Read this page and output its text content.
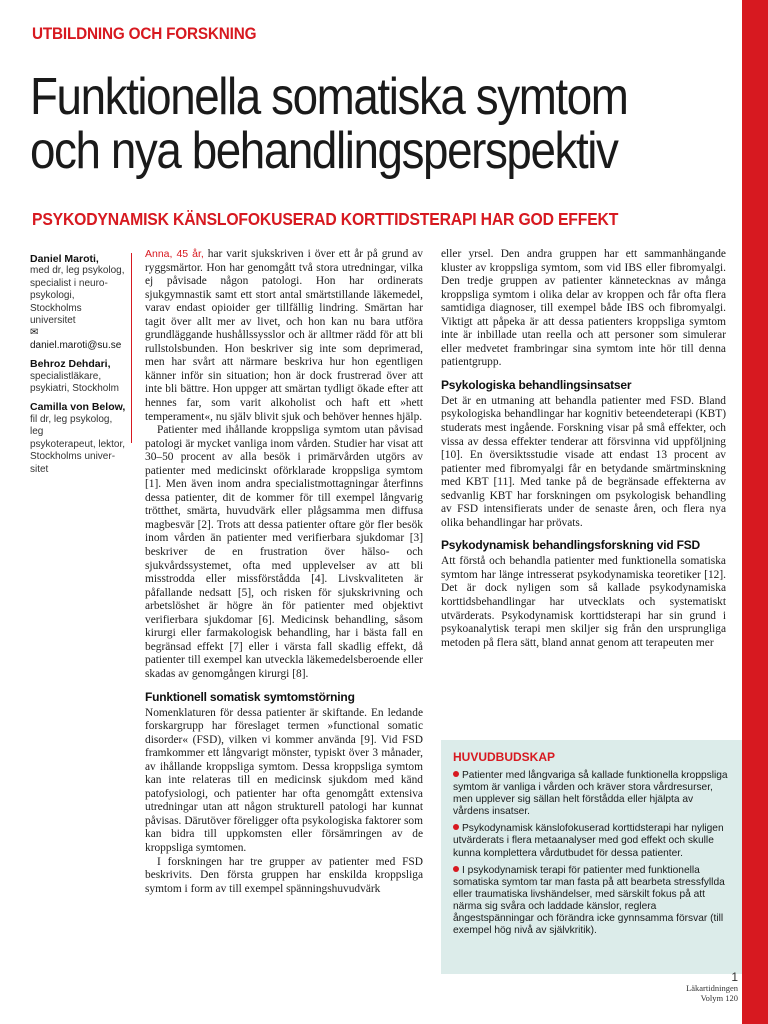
UTBILDNING OCH FORSKNING
Funktionella somatiska symtom
och nya behandlingsperspektiv
PSYKODYNAMISK KÄNSLOFOKUSERAD KORTTIDSTERAPI HAR GOD EFFEKT
Daniel Maroti,
med dr, leg psykolog,
specialist i neuro-
psykologi, Stockholms
universitet
✉ daniel.maroti@su.se
Behroz Dehdari,
specialistläkare,
psykiatri, Stockholm
Camilla von Below,
fil dr, leg psykolog, leg
psykoterapeut, lektor,
Stockholms univer-
sitet

Anna, 45 år, har varit sjukskriven i över ett år på grund av ryggsmärtor. Hon har genomgått två stora utredningar, vilka ej påvisade någon patologi. Hon har ordinerats sjukgymnastik samt ett stort antal smärtstillande läkemedel, varav endast opioider ger tillfällig lindring. Smärtan har tagit över allt mer av livet, och hon kan nu bara utföra grundläggande hushållssysslor och är alltmer rädd för att bli rullstolsbunden. Hon beskriver sig inte som deprimerad, men har svårt att närmare beskriva hur hon egentligen känner inför sin situation; hon är dock frustrerad över att inte bli bättre. Hon uppger att smärtan tydligt ökade efter att hennes far, som varit alkoholist och haft ett »hett temperament«, nu själv blivit sjuk och behöver hennes hjälp.

Patienter med ihållande kroppsliga symtom utan påvisad patologi är mycket vanliga inom vården. Studier har visat att 30–50 procent av alla besök i primärvården utgörs av patienter med medicinskt oförklarade kroppsliga symtom [1]. Men även inom andra specialistmottagningar återfinns dessa patienter, dit de kommer för till exempel långvarig trötthet, smärta, huvudvärk eller plågsamma men diffusa magbesvär [2]. Trots att dessa patienter oftare gör fler besök inom vården än patienter med verifierbara sjukdomar [3] beskriver de en frustration över hälso- och sjukvårdssystemet, ofta med upplevelser av att bli misstrodda eller missförstådda [4]. Livskvaliteten är påfallande nedsatt [5], och risken för sjukskrivning och arbetslöshet är högre än för patienter med objektivt verifierbara sjukdomar [6]. Medicinsk behandling, såsom kirurgi eller farmakologisk behandling, har i bästa fall en begränsad effekt [7] eller i värsta fall skadlig effekt, då patienter till exempel kan utveckla läkemedelsberoende eller skadas av genomgången kirurgi [8].

Funktionell somatisk symtomstörning

Nomenklaturen för dessa patienter är skiftande. En ledande forskargrupp har föreslaget termen »functional somatic disorder« (FSD), vilken vi kommer använda [9]. Vid FSD framkommer ett långvarigt mönster, typiskt över 3 månader, av ihållande kroppsliga symtom. Dessa kroppsliga symtom kan inte relateras till en medicinsk sjukdom med känd patofysiologi, och patienter har ofta genomgått extensiva utredningar utan att någon strukturell patologi har kunnat påvisas. Därutöver föreligger ofta psykologiska faktorer som kan bidra till uppkomsten eller försämringen av de kroppsliga symtomen.

I forskningen har tre grupper av patienter med FSD beskrivits. Den första gruppen har enskilda kroppsliga symtom i form av till exempel spänningshuvudvärk

eller yrsel. Den andra gruppen har ett sammanhängande kluster av kroppsliga symtom, som vid IBS eller fibromyalgi. Den tredje gruppen av patienter kännetecknas av många kroppsliga symtom i olika delar av kroppen och får ofta flera samtidiga diagnoser, till exempel både IBS och fibromyalgi. Viktigt att påpeka är att dessa patienters kroppsliga symtom inte är inbillade utan reella och att personer som simulerar eller medvetet frambringar sina symtom inte hör till denna patientgrupp.

Psykologiska behandlingsinsatser

Det är en utmaning att behandla patienter med FSD. Bland psykologiska behandlingar har kognitiv beteendeterapi (KBT) studerats mest ingående. Forskning visar på små effekter, och vissa av dessa effekter tenderar att försvinna vid uppföljning [10]. En översiktsstudie visade att endast 13 procent av patienter med fibromyalgi får en betydande smärtminskning med KBT [11]. Med tanke på de begränsade effekterna av sedvanlig KBT har forskningen om psykologisk behandling av FSD intensifierats under de senaste åren, och flera nya olika behandlingar har prövats.

Psykodynamisk behandlingsforskning vid FSD

Att förstå och behandla patienter med funktionella somatiska symtom har länge intresserat psykodynamiska teoretiker [12]. Det är dock nyligen som så kallade psykodynamiska korttidsbehandlingar har utvecklats och systematiskt utvärderats. Psykodynamisk korttidsterapi har sin grund i psykoanalytisk terapi men skiljer sig från den ursprungliga metoden på flera sätt, bland annat genom att terapeuten mer

HUVUDBUDSKAP
Patienter med långvariga så kallade funktionella kroppsliga symtom är vanliga i vården och kräver stora vårdresurser, men upplever sig sällan helt förstådda eller hjälpta av vårdens insatser.
Psykodynamisk känslofokuserad korttidsterapi har nyligen utvärderats i flera metaanalyser med god effekt och skulle kunna komplettera vårdutbudet för dessa patienter.
I psykodynamisk terapi för patienter med funktionella somatiska symtom tar man fasta på att bearbeta stressfyllda eller traumatiska livshändelser, med särskilt fokus på att närma sig svåra och laddade känslor, reglera ångestspänningar och förändra icke gynnsamma försvar (till exempel hög nivå av självkritik).
1
Läkartidningen
Volym 120
